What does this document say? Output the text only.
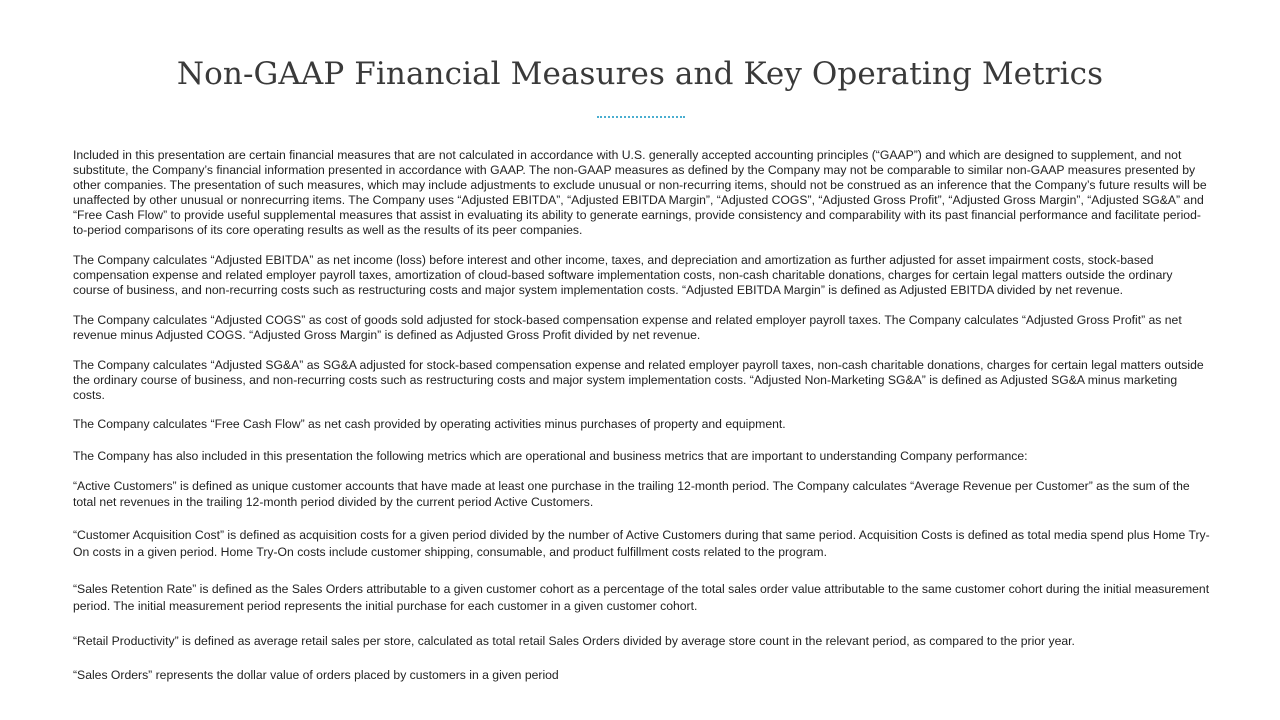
Non-GAAP Financial Measures and Key Operating Metrics

Included in this presentation are certain financial measures that are not calculated in accordance with U.S. generally accepted accounting principles (“GAAP”) and which are designed to supplement, and not substitute, the Company’s financial information presented in accordance with GAAP. The non-GAAP measures as defined by the Company may not be comparable to similar non-GAAP measures presented by other companies. The presentation of such measures, which may include adjustments to exclude unusual or non-recurring items, should not be construed as an inference that the Company’s future results will be unaffected by other unusual or nonrecurring items. The Company uses “Adjusted EBITDA”, “Adjusted EBITDA Margin”, “Adjusted COGS”, “Adjusted Gross Profit”, “Adjusted Gross Margin”, “Adjusted SG&A” and “Free Cash Flow” to provide useful supplemental measures that assist in evaluating its ability to generate earnings, provide consistency and comparability with its past financial performance and facilitate period-to-period comparisons of its core operating results as well as the results of its peer companies.

The Company calculates “Adjusted EBITDA” as net income (loss) before interest and other income, taxes, and depreciation and amortization as further adjusted for asset impairment costs, stock-based compensation expense and related employer payroll taxes, amortization of cloud-based software implementation costs, non-cash charitable donations, charges for certain legal matters outside the ordinary course of business, and non-recurring costs such as restructuring costs and major system implementation costs. “Adjusted EBITDA Margin” is defined as Adjusted EBITDA divided by net revenue.

The Company calculates “Adjusted COGS” as cost of goods sold adjusted for stock-based compensation expense and related employer payroll taxes. The Company calculates “Adjusted Gross Profit” as net revenue minus Adjusted COGS. “Adjusted Gross Margin” is defined as Adjusted Gross Profit divided by net revenue.

The Company calculates “Adjusted SG&A” as SG&A adjusted for stock-based compensation expense and related employer payroll taxes, non-cash charitable donations, charges for certain legal matters outside the ordinary course of business, and non-recurring costs such as restructuring costs and major system implementation costs. “Adjusted Non-Marketing SG&A” is defined as Adjusted SG&A minus marketing costs.

The Company calculates “Free Cash Flow” as net cash provided by operating activities minus purchases of property and equipment.

The Company has also included in this presentation the following metrics which are operational and business metrics that are important to understanding Company performance:

“Active Customers” is defined as unique customer accounts that have made at least one purchase in the trailing 12-month period. The Company calculates “Average Revenue per Customer” as the sum of the total net revenues in the trailing 12-month period divided by the current period Active Customers.

“Customer Acquisition Cost” is defined as acquisition costs for a given period divided by the number of Active Customers during that same period. Acquisition Costs is defined as total media spend plus Home Try-On costs in a given period. Home Try-On costs include customer shipping, consumable, and product fulfillment costs related to the program.

“Sales Retention Rate” is defined as the Sales Orders attributable to a given customer cohort as a percentage of the total sales order value attributable to the same customer cohort during the initial measurement period. The initial measurement period represents the initial purchase for each customer in a given customer cohort.

“Retail Productivity” is defined as average retail sales per store, calculated as total retail Sales Orders divided by average store count in the relevant period, as compared to the prior year.

“Sales Orders” represents the dollar value of orders placed by customers in a given period
